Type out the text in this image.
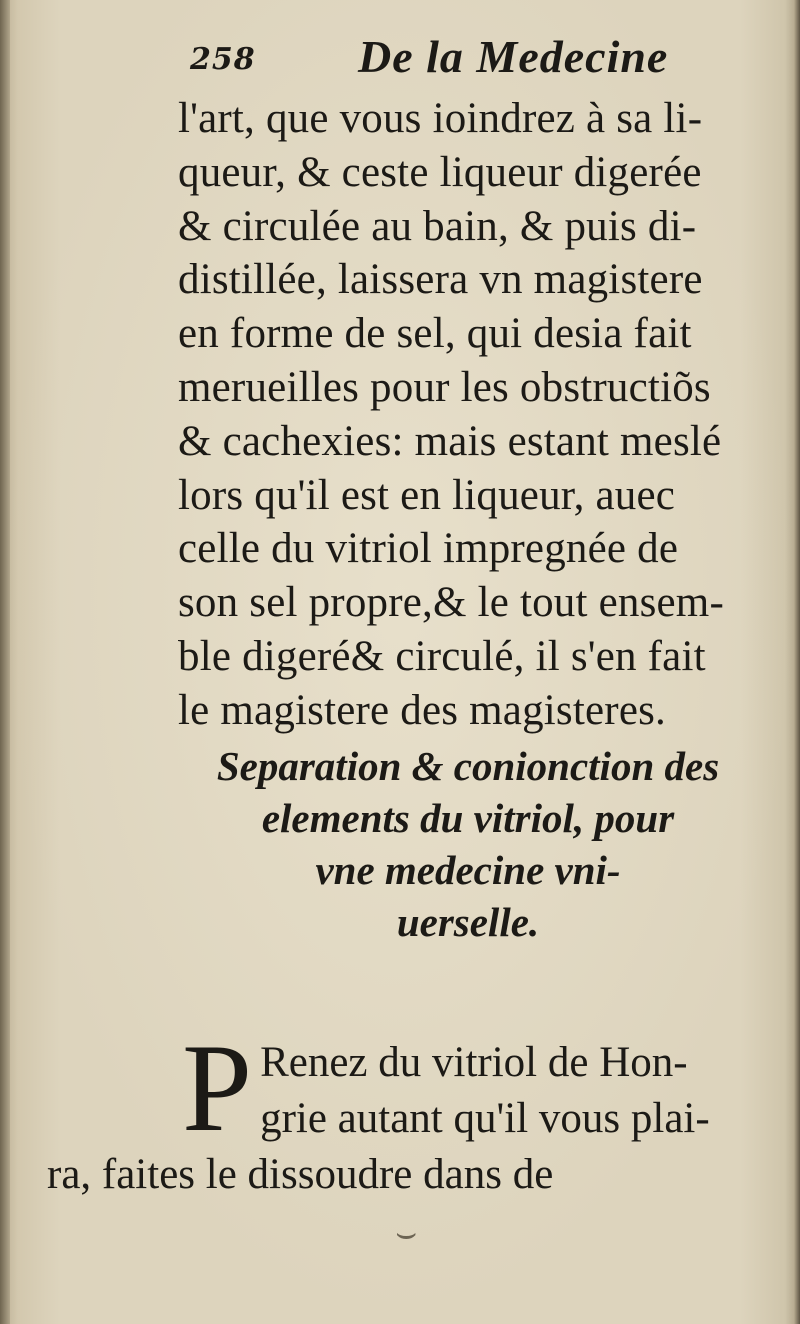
258 De la Medecine
l'art, que vous ioindrez à sa li-
queur, & ceste liqueur digerée
& circulée au bain, & puis di-
distillée, laissera vn magistere
en forme de sel, qui desia fait
merueilles pour les obstructiõs
& cachexies: mais estant meslé
lors qu'il est en liqueur, auec
celle du vitriol impregnée de
son sel propre,& le tout ensem-
ble digeré& circulé, il s'en fait
le magistere des magisteres.
Separation & conionction des
elements du vitriol, pour
vne medecine vni-
uerselle.
P Renez du vitriol de Hon-
grie autant qu'il vous plai-
ra, faites le dissoudre dans de
⌣
